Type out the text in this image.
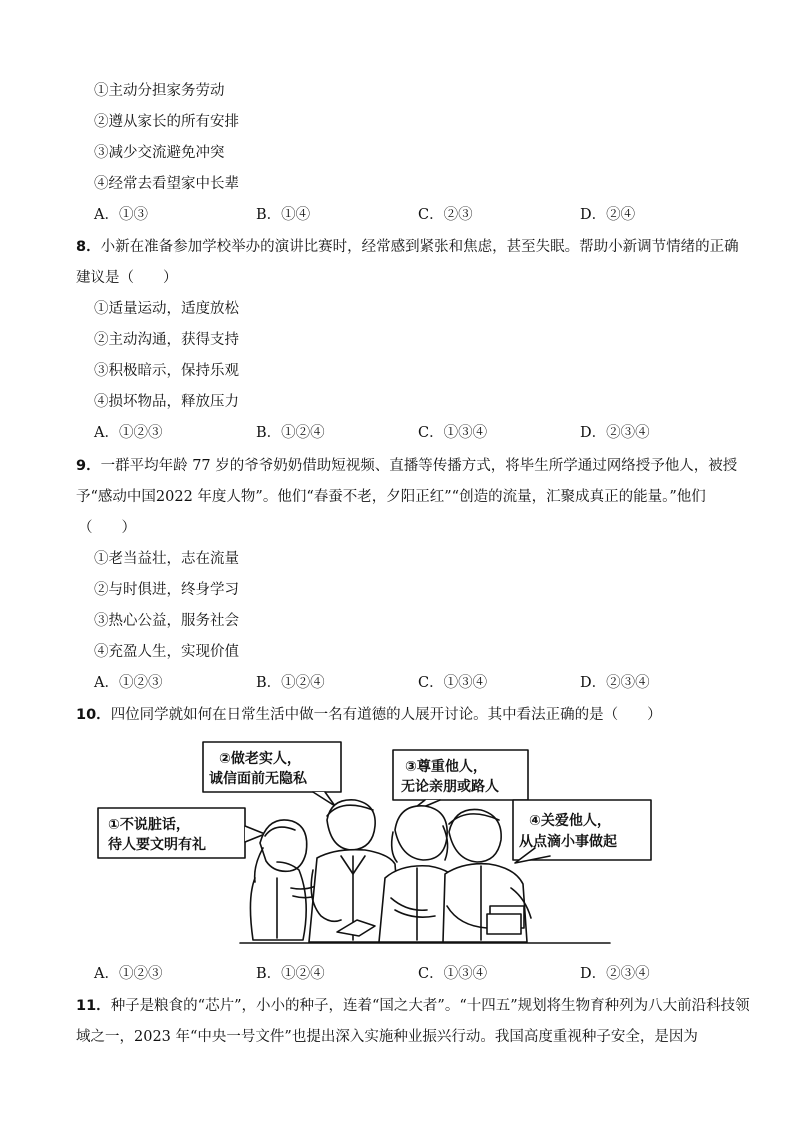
①主动分担家务劳动
②遵从家长的所有安排
③减少交流避免冲突
④经常去看望家中长辈
A．①③	B．①④	C．②③	D．②④
8．小新在准备参加学校举办的演讲比赛时，经常感到紧张和焦虑，甚至失眠。帮助小新调节情绪的正确
建议是（　　）
①适量运动，适度放松
②主动沟通，获得支持
③积极暗示，保持乐观
④损坏物品，释放压力
A．①②③	B．①②④	C．①③④	D．②③④
9．一群平均年龄 77 岁的爷爷奶奶借助短视频、直播等传播方式，将毕生所学通过网络授予他人，被授
予“感动中国2022 年度人物”。他们“春蚕不老，夕阳正红”“创造的流量，汇聚成真正的能量。”他们
（　　）
①老当益壮，志在流量
②与时俱进，终身学习
③热心公益，服务社会
④充盈人生，实现价值
A．①②③	B．①②④	C．①③④	D．②③④
10．四位同学就如何在日常生活中做一名有道德的人展开讨论。其中看法正确的是（　　）
①不说脏话，
待人要文明有礼
②做老实人，
诚信面前无隐私
③尊重他人，
无论亲朋或路人
④关爱他人，
从点滴小事做起
A．①②③	B．①②④	C．①③④	D．②③④
11．种子是粮食的“芯片”，小小的种子，连着“国之大者”。“十四五”规划将生物育种列为八大前沿科技领
域之一，2023 年“中央一号文件”也提出深入实施种业振兴行动。我国高度重视种子安全，是因为
